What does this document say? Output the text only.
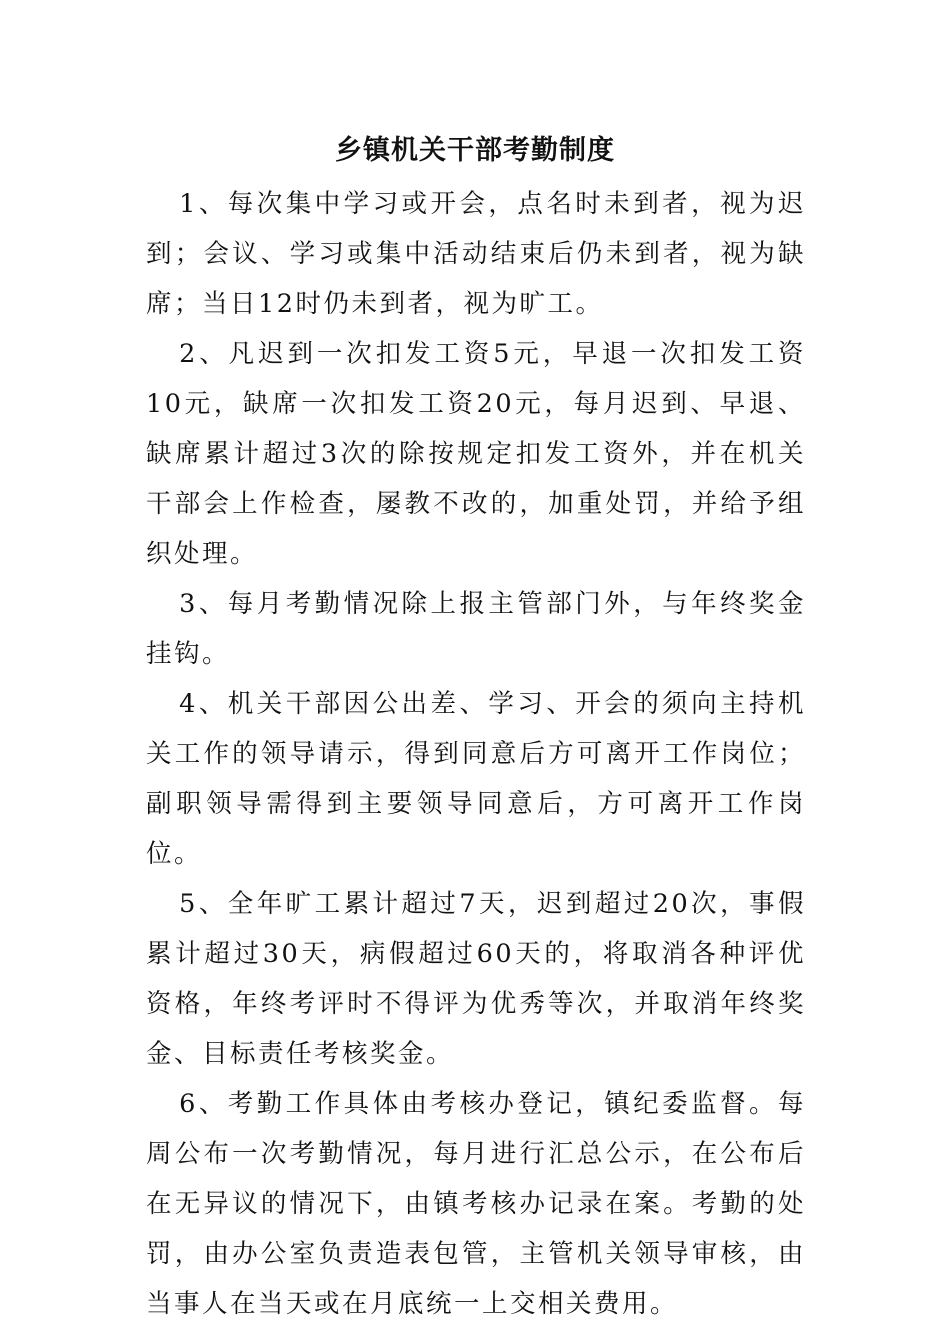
乡镇机关干部考勤制度

1、每次集中学习或开会，点名时未到者，视为迟到；会议、学习或集中活动结束后仍未到者，视为缺席；当日12时仍未到者，视为旷工。

2、凡迟到一次扣发工资5元，早退一次扣发工资10元，缺席一次扣发工资20元，每月迟到、早退、缺席累计超过3次的除按规定扣发工资外，并在机关干部会上作检查，屡教不改的，加重处罚，并给予组织处理。

3、每月考勤情况除上报主管部门外，与年终奖金挂钩。

4、机关干部因公出差、学习、开会的须向主持机关工作的领导请示，得到同意后方可离开工作岗位；副职领导需得到主要领导同意后，方可离开工作岗位。

5、全年旷工累计超过7天，迟到超过20次，事假累计超过30天，病假超过60天的，将取消各种评优资格，年终考评时不得评为优秀等次，并取消年终奖金、目标责任考核奖金。

6、考勤工作具体由考核办登记，镇纪委监督。每周公布一次考勤情况，每月进行汇总公示，在公布后在无异议的情况下，由镇考核办记录在案。考勤的处罚，由办公室负责造表包管，主管机关领导审核，由当事人在当天或在月底统一上交相关费用。
